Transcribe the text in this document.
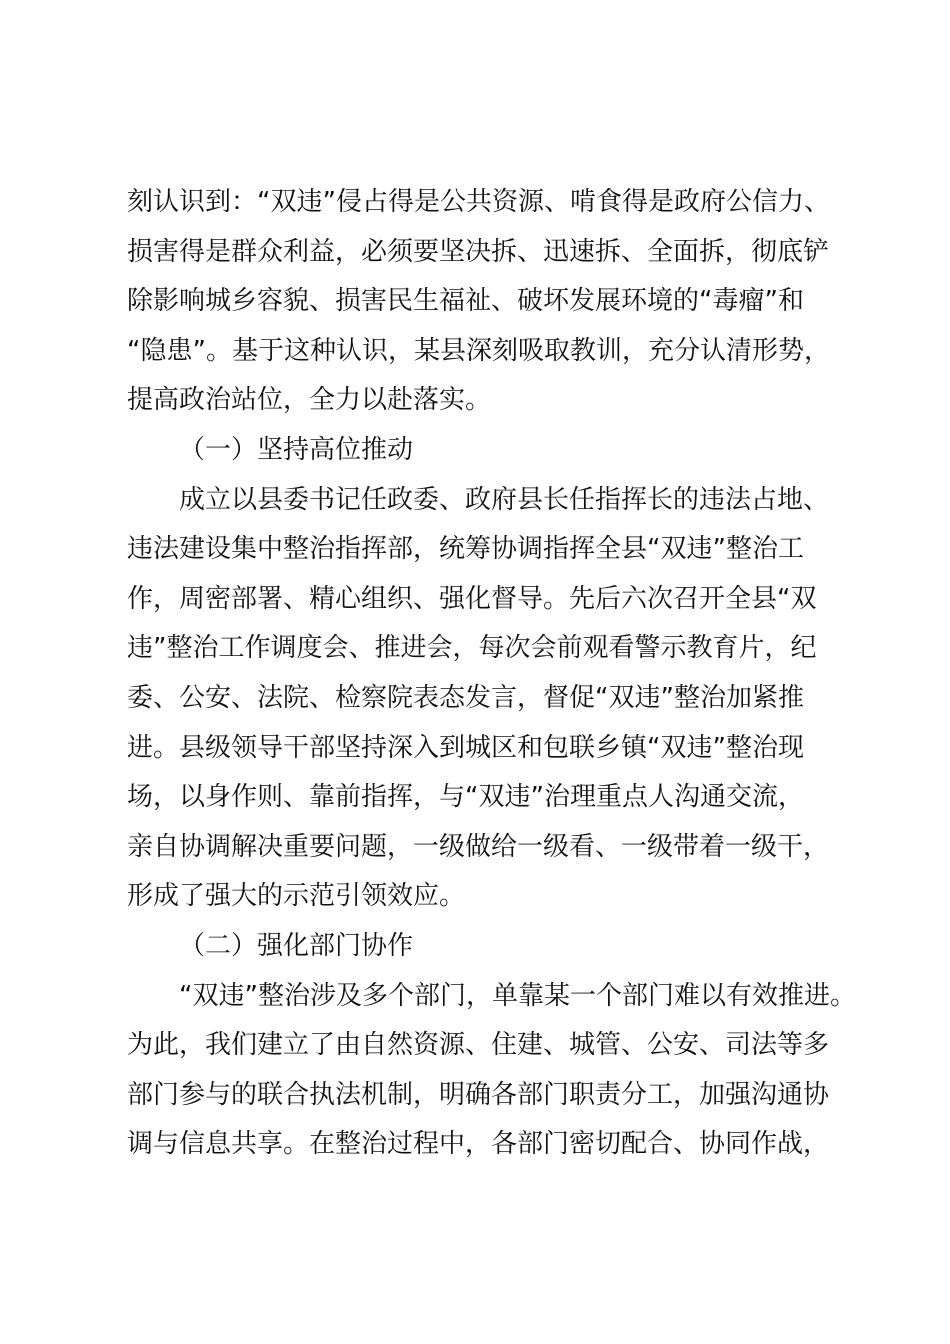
刻认识到：“双违”侵占得是公共资源、啃食得是政府公信力、
损害得是群众利益，必须要坚决拆、迅速拆、全面拆，彻底铲
除影响城乡容貌、损害民生福祉、破坏发展环境的“毒瘤”和
“隐患”。基于这种认识，某县深刻吸取教训，充分认清形势，
提高政治站位，全力以赴落实。
（一）坚持高位推动
成立以县委书记任政委、政府县长任指挥长的违法占地、
违法建设集中整治指挥部，统筹协调指挥全县“双违”整治工
作，周密部署、精心组织、强化督导。先后六次召开全县“双
违”整治工作调度会、推进会，每次会前观看警示教育片，纪
委、公安、法院、检察院表态发言，督促“双违”整治加紧推
进。县级领导干部坚持深入到城区和包联乡镇“双违”整治现
场，以身作则、靠前指挥，与“双违”治理重点人沟通交流，
亲自协调解决重要问题，一级做给一级看、一级带着一级干，
形成了强大的示范引领效应。
（二）强化部门协作
“双违”整治涉及多个部门，单靠某一个部门难以有效推进。
为此，我们建立了由自然资源、住建、城管、公安、司法等多
部门参与的联合执法机制，明确各部门职责分工，加强沟通协
调与信息共享。在整治过程中，各部门密切配合、协同作战，
